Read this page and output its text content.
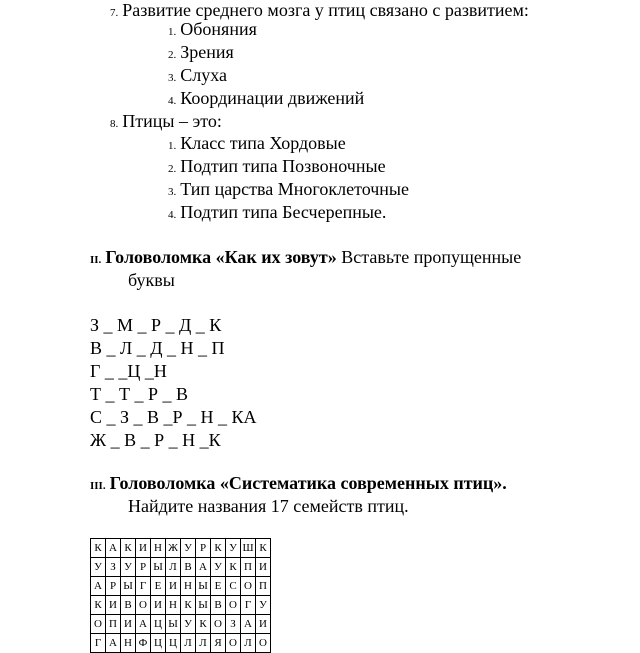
7. Развитие среднего мозга у птиц связано с развитием:
1. Обоняния
2. Зрения
3. Слуха
4. Координации движений
8. Птицы – это:
1. Класс типа Хордовые
2. Подтип типа Позвоночные
3. Тип царства Многоклеточные
4. Подтип типа Бесчерепные.
II. Головоломка «Как их зовут» Вставьте пропущенные
буквы
З _ М _ Р _ Д _ К
В _ Л _ Д _ Н _ П
Г _ _Ц _Н
Т _ Т _ Р _ В
С _ З _ В _Р _ Н _ КА
Ж _ В _ Р _ Н _К
III. Головоломка «Систематика современных птиц».
Найдите названия 17 семейств птиц.
К	А	К	И	Н	Ж	У	Р	К	У	Ш	К
У	З	У	Р	Ы	Л	В	А	У	К	П	И
А	Р	Ы	Г	Е	И	Н	Ы	Е	С	О	П
К	И	В	О	И	Н	К	Ы	В	О	Г	У
О	П	И	А	Ц	Ы	У	К	О	З	А	И
Г	А	Н	Ф	Ц	Ц	Л	Л	Я	О	Л	О
